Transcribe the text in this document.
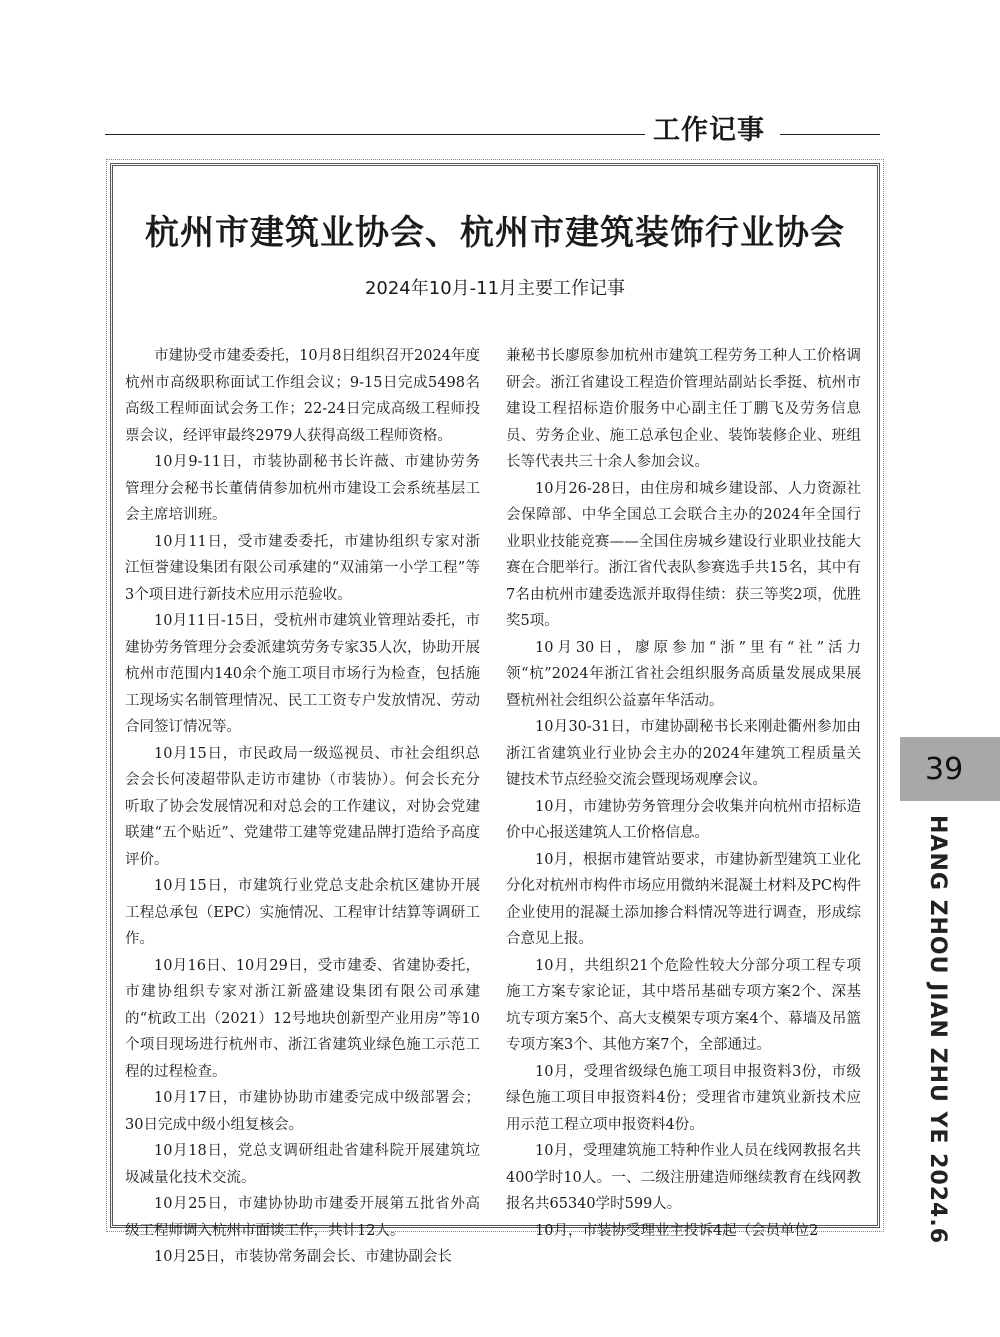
工作记事
杭州市建筑业协会、杭州市建筑装饰行业协会
2024年10月-11月主要工作记事

市建协受市建委委托，10月8日组织召开2024年度杭州市高级职称面试工作组会议；9-15日完成5498名高级工程师面试会务工作；22-24日完成高级工程师投票会议，经评审最终2979人获得高级工程师资格。

10月9-11日，市装协副秘书长许薇、市建协劳务管理分会秘书长董倩倩参加杭州市建设工会系统基层工会主席培训班。

10月11日，受市建委委托，市建协组织专家对浙江恒誉建设集团有限公司承建的“双浦第一小学工程”等3个项目进行新技术应用示范验收。

10月11日-15日，受杭州市建筑业管理站委托，市建协劳务管理分会委派建筑劳务专家35人次，协助开展杭州市范围内140余个施工项目市场行为检查，包括施工现场实名制管理情况、民工工资专户发放情况、劳动合同签订情况等。

10月15日，市民政局一级巡视员、市社会组织总会会长何凌超带队走访市建协（市装协）。何会长充分听取了协会发展情况和对总会的工作建议，对协会党建联建“五个贴近”、党建带工建等党建品牌打造给予高度评价。

10月15日，市建筑行业党总支赴余杭区建协开展工程总承包（EPC）实施情况、工程审计结算等调研工作。

10月16日、10月29日，受市建委、省建协委托，市建协组织专家对浙江新盛建设集团有限公司承建的“杭政工出（2021）12号地块创新型产业用房”等10个项目现场进行杭州市、浙江省建筑业绿色施工示范工程的过程检查。

10月17日，市建协协助市建委完成中级部署会；30日完成中级小组复核会。

10月18日，党总支调研组赴省建科院开展建筑垃圾减量化技术交流。

10月25日，市建协协助市建委开展第五批省外高级工程师调入杭州市面谈工作，共计12人。

10月25日，市装协常务副会长、市建协副会长

兼秘书长廖原参加杭州市建筑工程劳务工种人工价格调研会。浙江省建设工程造价管理站副站长季挺、杭州市建设工程招标造价服务中心副主任丁鹏飞及劳务信息员、劳务企业、施工总承包企业、装饰装修企业、班组长等代表共三十余人参加会议。

10月26-28日，由住房和城乡建设部、人力资源社会保障部、中华全国总工会联合主办的2024年全国行业职业技能竞赛——全国住房城乡建设行业职业技能大赛在合肥举行。浙江省代表队参赛选手共15名，其中有7名由杭州市建委选派并取得佳绩：获三等奖2项，优胜奖5项。

10月30日，廖原参加“浙”里有“社”活力领“杭”2024年浙江省社会组织服务高质量发展成果展暨杭州社会组织公益嘉年华活动。

10月30-31日，市建协副秘书长来刚赴衢州参加由浙江省建筑业行业协会主办的2024年建筑工程质量关键技术节点经验交流会暨现场观摩会议。

10月，市建协劳务管理分会收集并向杭州市招标造价中心报送建筑人工价格信息。

10月，根据市建管站要求，市建协新型建筑工业化分化对杭州市构件市场应用微纳米混凝土材料及PC构件企业使用的混凝土添加掺合料情况等进行调查，形成综合意见上报。

10月，共组织21个危险性较大分部分项工程专项施工方案专家论证，其中塔吊基础专项方案2个、深基坑专项方案5个、高大支模架专项方案4个、幕墙及吊篮专项方案3个、其他方案7个，全部通过。

10月，受理省级绿色施工项目申报资料3份，市级绿色施工项目申报资料4份；受理省市建筑业新技术应用示范工程立项申报资料4份。

10月，受理建筑施工特种作业人员在线网教报名共400学时10人。一、二级注册建造师继续教育在线网教报名共65340学时599人。

10月，市装协受理业主投诉4起（会员单位2

39
HANG ZHOU JIAN ZHU YE 2024.6
